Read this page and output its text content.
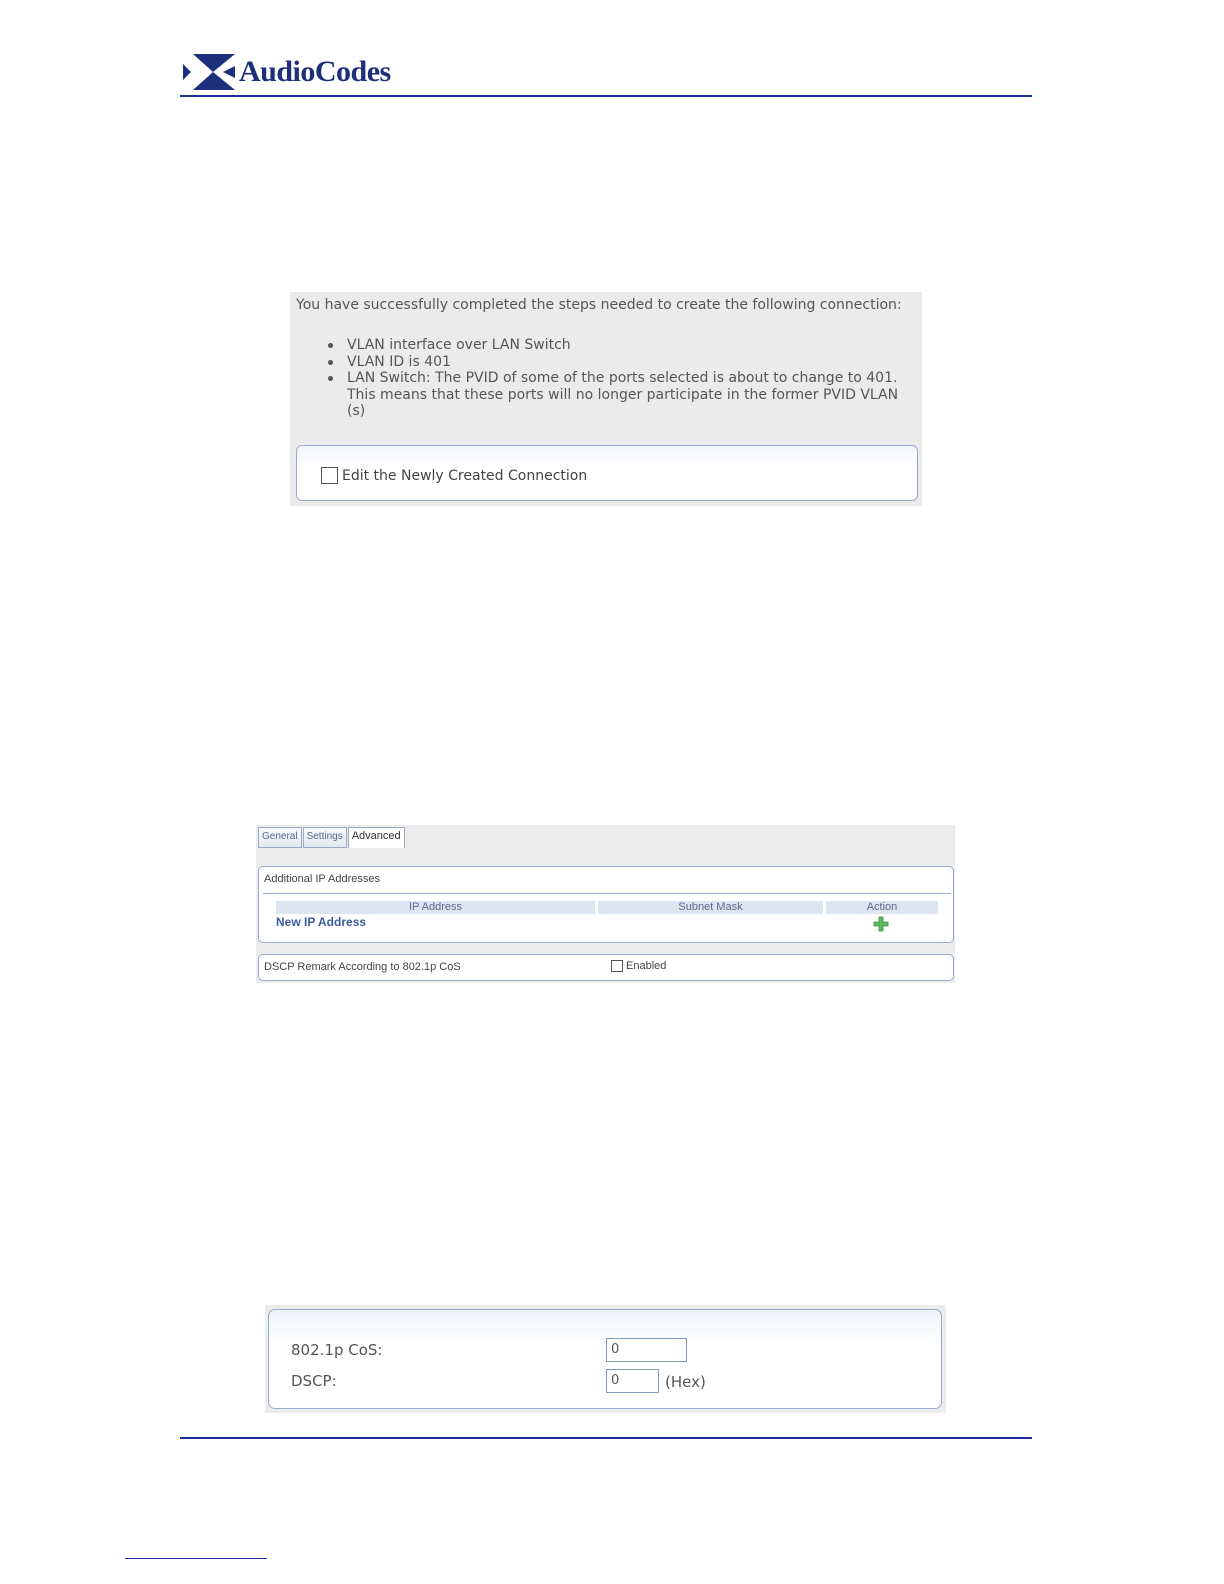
AudioCodes
You have successfully completed the steps needed to create the following connection:
VLAN interface over LAN Switch
VLAN ID is 401
LAN Switch: The PVID of some of the ports selected is about to change to 401. This means that these ports will no longer participate in the former PVID VLAN (s)
Edit the Newly Created Connection
General Settings Advanced
Additional IP Addresses
IP Address	Subnet Mask	Action
New IP Address
DSCP Remark According to 802.1p CoS	Enabled
802.1p CoS:	0
DSCP:	0	(Hex)
